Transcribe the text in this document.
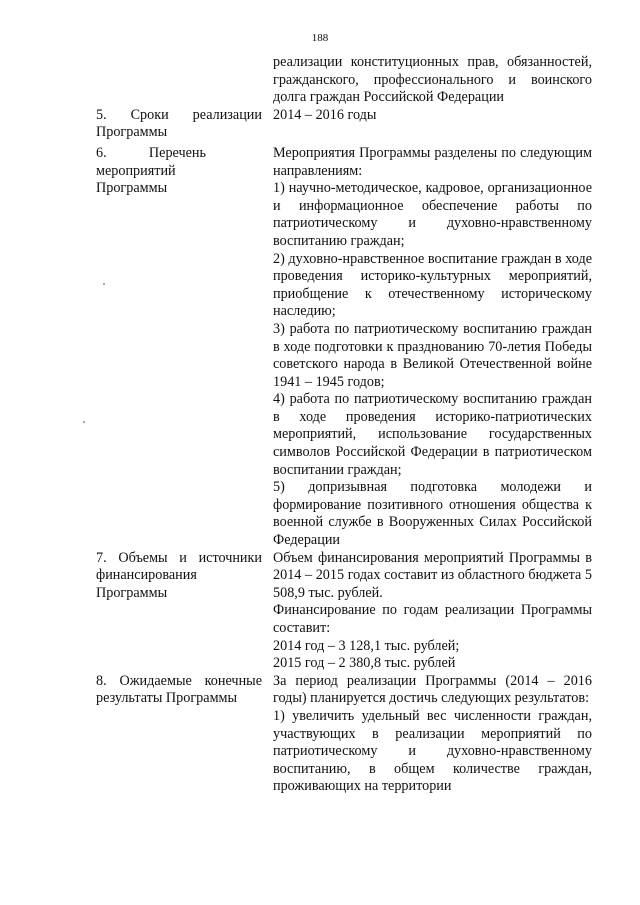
188

реализации конституционных прав, обязанностей, гражданского, профессионального и воинского долга граждан Российской Федерации

5. Сроки реализации Программы

2014 – 2016 годы

6. Перечень мероприятий Программы

Мероприятия Программы разделены по следующим направлениям:

1) научно-методическое, кадровое, организационное и информационное обеспечение работы по патриотическому и духовно-нравственному воспитанию граждан;

2) духовно-нравственное воспитание граждан в ходе проведения историко-культурных мероприятий, приобщение к отечественному историческому наследию;

3) работа по патриотическому воспитанию граждан в ходе подготовки к празднованию 70-летия Победы советского народа в Великой Отечественной войне 1941 – 1945 годов;

4) работа по патриотическому воспитанию граждан в ходе проведения историко-патриотических мероприятий, использование государственных символов Российской Федерации в патриотическом воспитании граждан;

5) допризывная подготовка молодежи и формирование позитивного отношения общества к военной службе в Вооруженных Силах Российской Федерации

7. Объемы и источники финансирования Программы

Объем финансирования мероприятий Программы в 2014 – 2015 годах составит из областного бюджета 5 508,9 тыс. рублей.

Финансирование по годам реализации Программы составит:

2014 год – 3 128,1 тыс. рублей;

2015 год – 2 380,8 тыс. рублей

8. Ожидаемые конечные результаты Программы

За период реализации Программы (2014 – 2016 годы) планируется достичь следующих результатов:

1) увеличить удельный вес численности граждан, участвующих в реализации мероприятий по патриотическому и духовно-нравственному воспитанию, в общем количестве граждан, проживающих на территории
